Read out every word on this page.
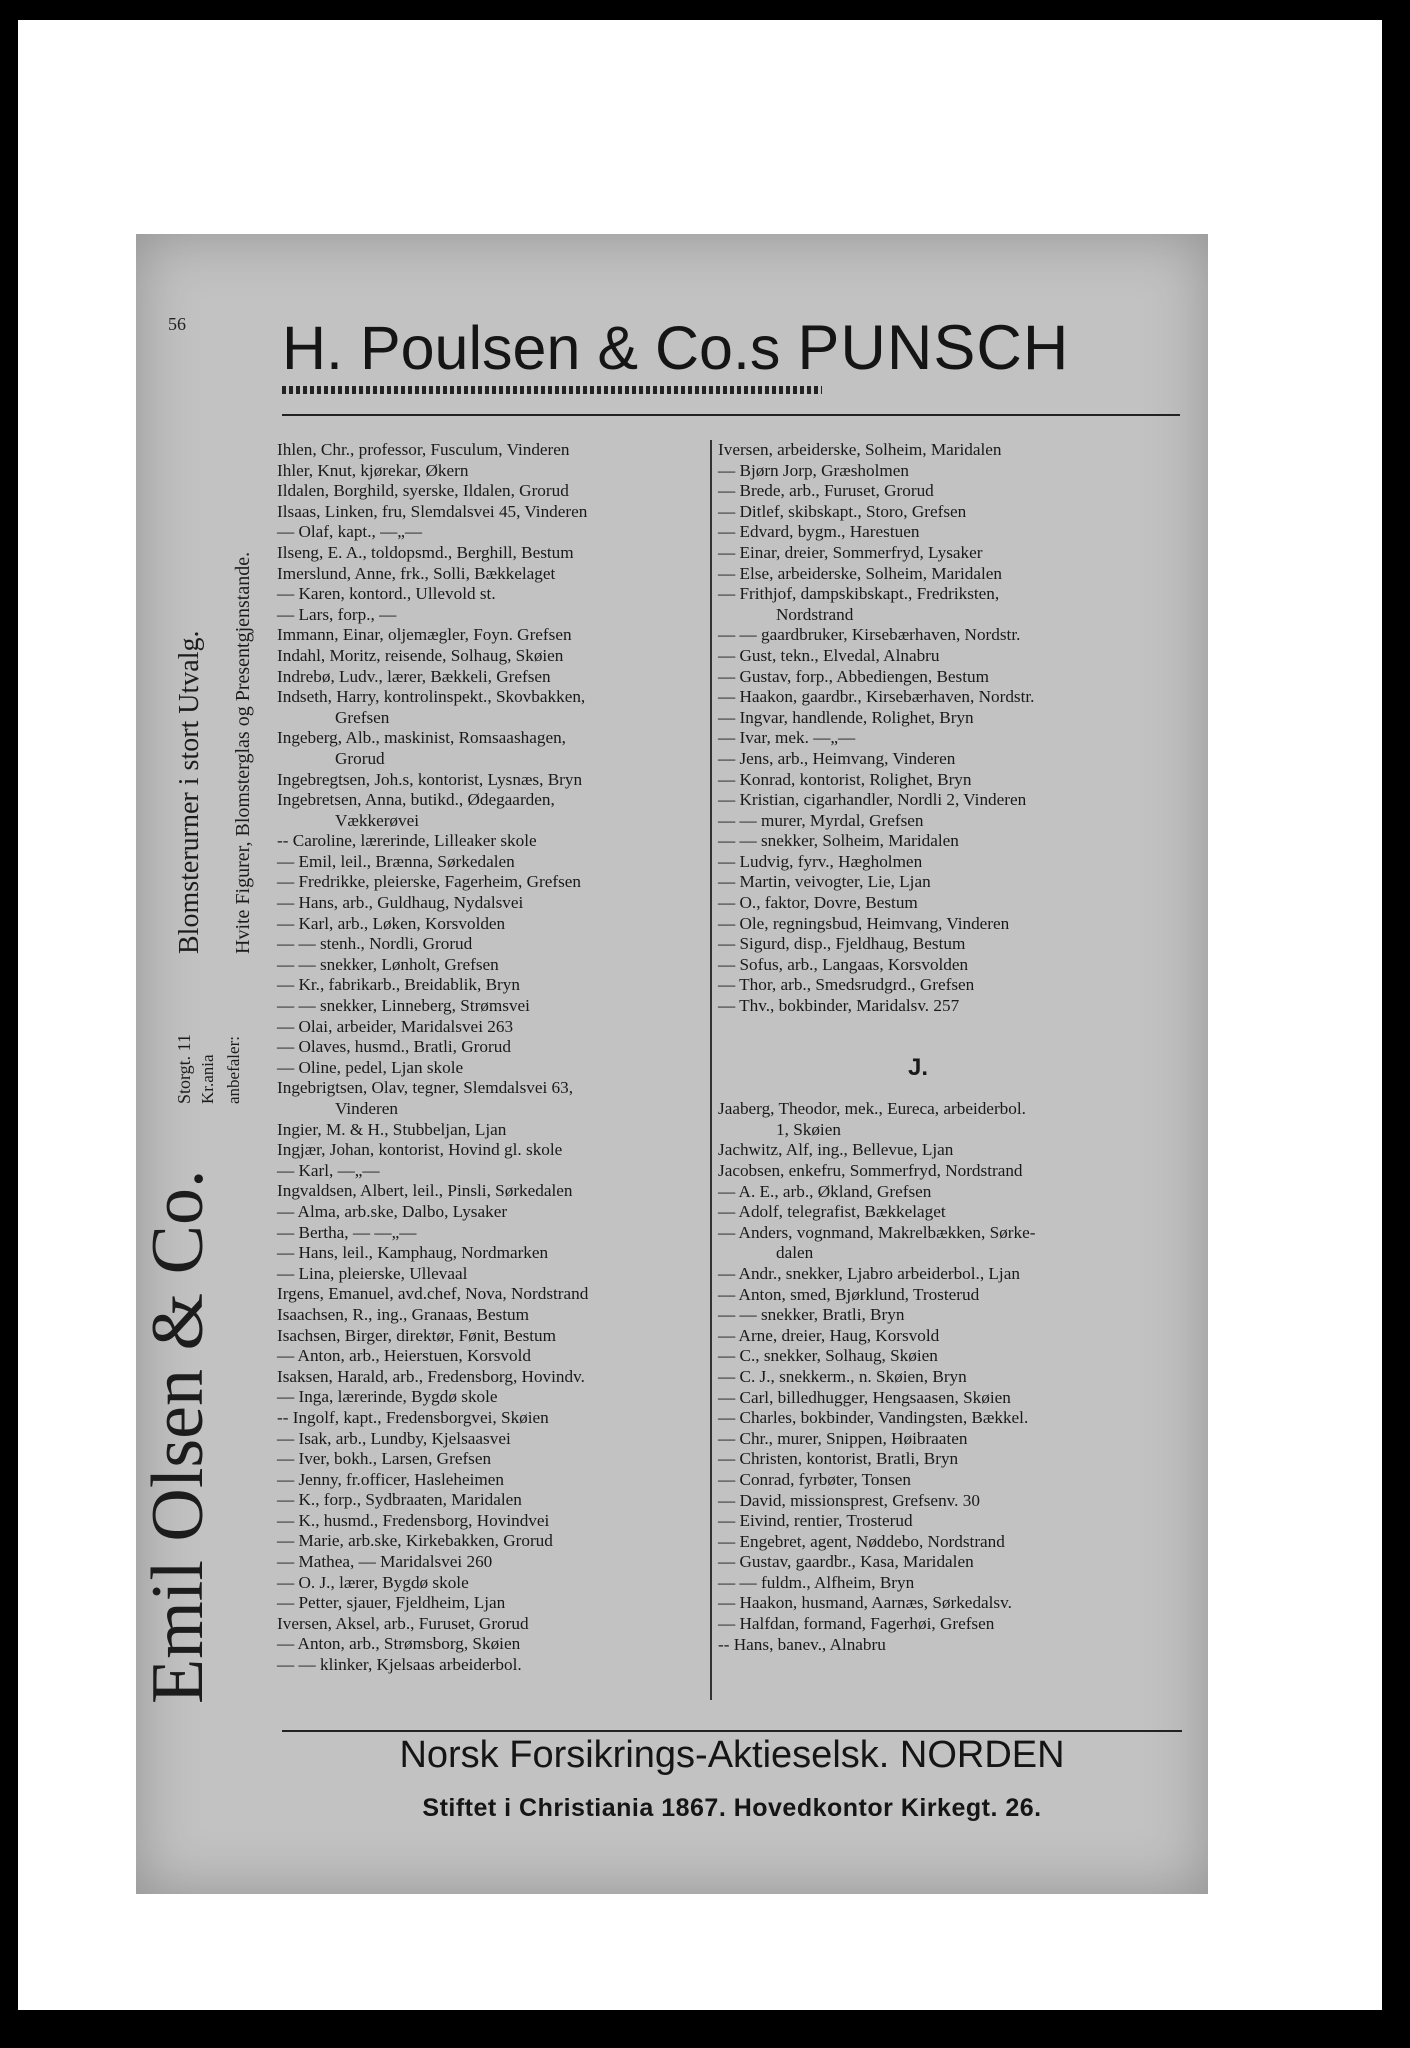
56 H. Poulsen & Co.s PUNSCH
Blomsterurner i stort Utvalg. Hvite Figurer, Blomsterglas og Presentgjenstande.
Storgt. 11 Kr.ania anbefaler:
Emil Olsen & Co.
Ihlen, Chr., professor, Fusculum, Vinderen
Ihler, Knut, kjørekar, Økern
Ildalen, Borghild, syerske, Ildalen, Grorud
Ilsaas, Linken, fru, Slemdalsvei 45, Vinderen
— Olaf, kapt., —„—
Ilseng, E. A., toldopsmd., Berghill, Bestum
Imerslund, Anne, frk., Solli, Bækkelaget
— Karen, kontord., Ullevold st.
— Lars, forp., —
Immann, Einar, oljemægler, Foyn. Grefsen
Indahl, Moritz, reisende, Solhaug, Skøien
Indrebø, Ludv., lærer, Bækkeli, Grefsen
Indseth, Harry, kontrolinspekt., Skovbakken,
Grefsen
Ingeberg, Alb., maskinist, Romsaashagen,
Grorud
Ingebregtsen, Joh.s, kontorist, Lysnæs, Bryn
Ingebretsen, Anna, butikd., Ødegaarden,
Vækkerøvei
-- Caroline, lærerinde, Lilleaker skole
— Emil, leil., Brænna, Sørkedalen
— Fredrikke, pleierske, Fagerheim, Grefsen
— Hans, arb., Guldhaug, Nydalsvei
— Karl, arb., Løken, Korsvolden
— — stenh., Nordli, Grorud
— — snekker, Lønholt, Grefsen
— Kr., fabrikarb., Breidablik, Bryn
— — snekker, Linneberg, Strømsvei
— Olai, arbeider, Maridalsvei 263
— Olaves, husmd., Bratli, Grorud
— Oline, pedel, Ljan skole
Ingebrigtsen, Olav, tegner, Slemdalsvei 63,
Vinderen
Ingier, M. & H., Stubbeljan, Ljan
Ingjær, Johan, kontorist, Hovind gl. skole
— Karl, —„—
Ingvaldsen, Albert, leil., Pinsli, Sørkedalen
— Alma, arb.ske, Dalbo, Lysaker
— Bertha, — —„—
— Hans, leil., Kamphaug, Nordmarken
— Lina, pleierske, Ullevaal
Irgens, Emanuel, avd.chef, Nova, Nordstrand
Isaachsen, R., ing., Granaas, Bestum
Isachsen, Birger, direktør, Fønit, Bestum
— Anton, arb., Heierstuen, Korsvold
Isaksen, Harald, arb., Fredensborg, Hovindv.
— Inga, lærerinde, Bygdø skole
-- Ingolf, kapt., Fredensborgvei, Skøien
— Isak, arb., Lundby, Kjelsaasvei
— Iver, bokh., Larsen, Grefsen
— Jenny, fr.officer, Hasleheimen
— K., forp., Sydbraaten, Maridalen
— K., husmd., Fredensborg, Hovindvei
— Marie, arb.ske, Kirkebakken, Grorud
— Mathea, — Maridalsvei 260
— O. J., lærer, Bygdø skole
— Petter, sjauer, Fjeldheim, Ljan
Iversen, Aksel, arb., Furuset, Grorud
— Anton, arb., Strømsborg, Skøien
— — klinker, Kjelsaas arbeiderbol.
Iversen, arbeiderske, Solheim, Maridalen
— Bjørn Jorp, Græsholmen
— Brede, arb., Furuset, Grorud
— Ditlef, skibskapt., Storo, Grefsen
— Edvard, bygm., Harestuen
— Einar, dreier, Sommerfryd, Lysaker
— Else, arbeiderske, Solheim, Maridalen
— Frithjof, dampskibskapt., Fredriksten,
Nordstrand
— — gaardbruker, Kirsebærhaven, Nordstr.
— Gust, tekn., Elvedal, Alnabru
— Gustav, forp., Abbediengen, Bestum
— Haakon, gaardbr., Kirsebærhaven, Nordstr.
— Ingvar, handlende, Rolighet, Bryn
— Ivar, mek. —„—
— Jens, arb., Heimvang, Vinderen
— Konrad, kontorist, Rolighet, Bryn
— Kristian, cigarhandler, Nordli 2, Vinderen
— — murer, Myrdal, Grefsen
— — snekker, Solheim, Maridalen
— Ludvig, fyrv., Hægholmen
— Martin, veivogter, Lie, Ljan
— O., faktor, Dovre, Bestum
— Ole, regningsbud, Heimvang, Vinderen
— Sigurd, disp., Fjeldhaug, Bestum
— Sofus, arb., Langaas, Korsvolden
— Thor, arb., Smedsrudgrd., Grefsen
— Thv., bokbinder, Maridalsv. 257
J.
Jaaberg, Theodor, mek., Eureca, arbeiderbol.
1, Skøien
Jachwitz, Alf, ing., Bellevue, Ljan
Jacobsen, enkefru, Sommerfryd, Nordstrand
— A. E., arb., Økland, Grefsen
— Adolf, telegrafist, Bækkelaget
— Anders, vognmand, Makrelbækken, Sørke-
dalen
— Andr., snekker, Ljabro arbeiderbol., Ljan
— Anton, smed, Bjørklund, Trosterud
— — snekker, Bratli, Bryn
— Arne, dreier, Haug, Korsvold
— C., snekker, Solhaug, Skøien
— C. J., snekkerm., n. Skøien, Bryn
— Carl, billedhugger, Hengsaasen, Skøien
— Charles, bokbinder, Vandingsten, Bækkel.
— Chr., murer, Snippen, Høibraaten
— Christen, kontorist, Bratli, Bryn
— Conrad, fyrbøter, Tonsen
— David, missionsprest, Grefsenv. 30
— Eivind, rentier, Trosterud
— Engebret, agent, Nøddebo, Nordstrand
— Gustav, gaardbr., Kasa, Maridalen
— — fuldm., Alfheim, Bryn
— Haakon, husmand, Aarnæs, Sørkedalsv.
— Halfdan, formand, Fagerhøi, Grefsen
-- Hans, banev., Alnabru
Norsk Forsikrings-Aktieselsk. NORDEN
Stiftet i Christiania 1867. Hovedkontor Kirkegt. 26.
